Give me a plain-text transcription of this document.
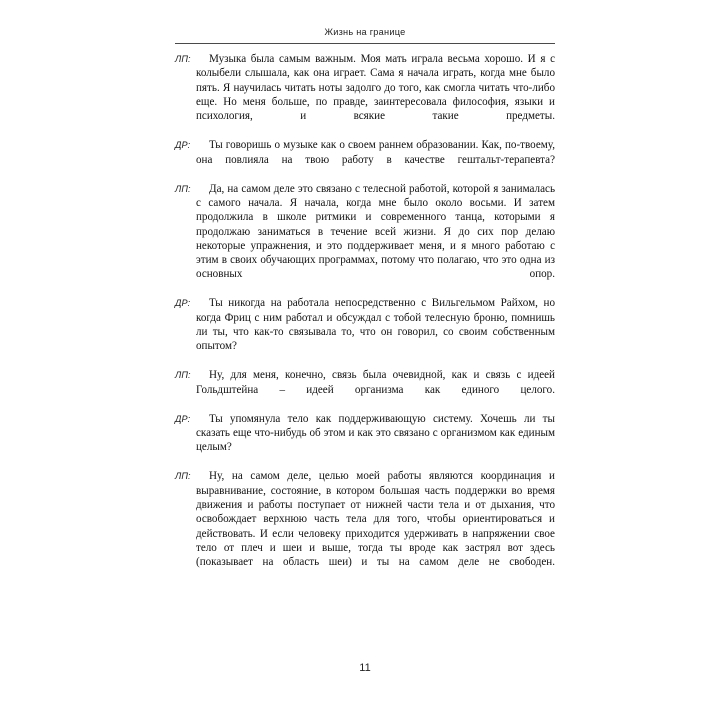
Жизнь на границе

ЛП:	Музыка была самым важным. Моя мать играла весьма хорошо. И я с колыбели слышала, как она играет. Сама я начала играть, когда мне было пять. Я научилась читать ноты задолго до того, как смогла читать что-либо еще. Но меня больше, по правде, заинтересовала философия, языки и психология, и всякие такие предметы.

ДР:	Ты говоришь о музыке как о своем раннем образовании. Как, по-твоему, она повлияла на твою работу в качестве гештальт-терапевта?

ЛП:	Да, на самом деле это связано с телесной работой, которой я занималась с самого начала. Я начала, когда мне было около восьми. И затем продолжила в школе ритмики и современного танца, которыми я продолжаю заниматься в течение всей жизни. Я до сих пор делаю некоторые упражнения, и это поддерживает меня, и я много работаю с этим в своих обучающих программах, потому что полагаю, что это одна из основных опор.

ДР:	Ты никогда на работала непосредственно с Вильгельмом Райхом, но когда Фриц с ним работал и обсуждал с тобой телесную броню, помнишь ли ты, что как-то связывала то, что он говорил, со своим собственным опытом?

ЛП:	Ну, для меня, конечно, связь была очевидной, как и связь с идеей Гольдштейна – идеей организма как единого целого.

ДР:	Ты упомянула тело как поддерживающую систему. Хочешь ли ты сказать еще что-нибудь об этом и как это связано с организмом как единым целым?

ЛП:	Ну, на самом деле, целью моей работы являются координация и выравнивание, состояние, в котором большая часть поддержки во время движения и работы поступает от нижней части тела и от дыхания, что освобождает верхнюю часть тела для того, чтобы ориентироваться и действовать. И если человеку приходится удерживать в напряжении свое тело от плеч и шеи и выше, тогда ты вроде как застрял вот здесь (показывает на область шеи) и ты на самом деле не свободен.

11
